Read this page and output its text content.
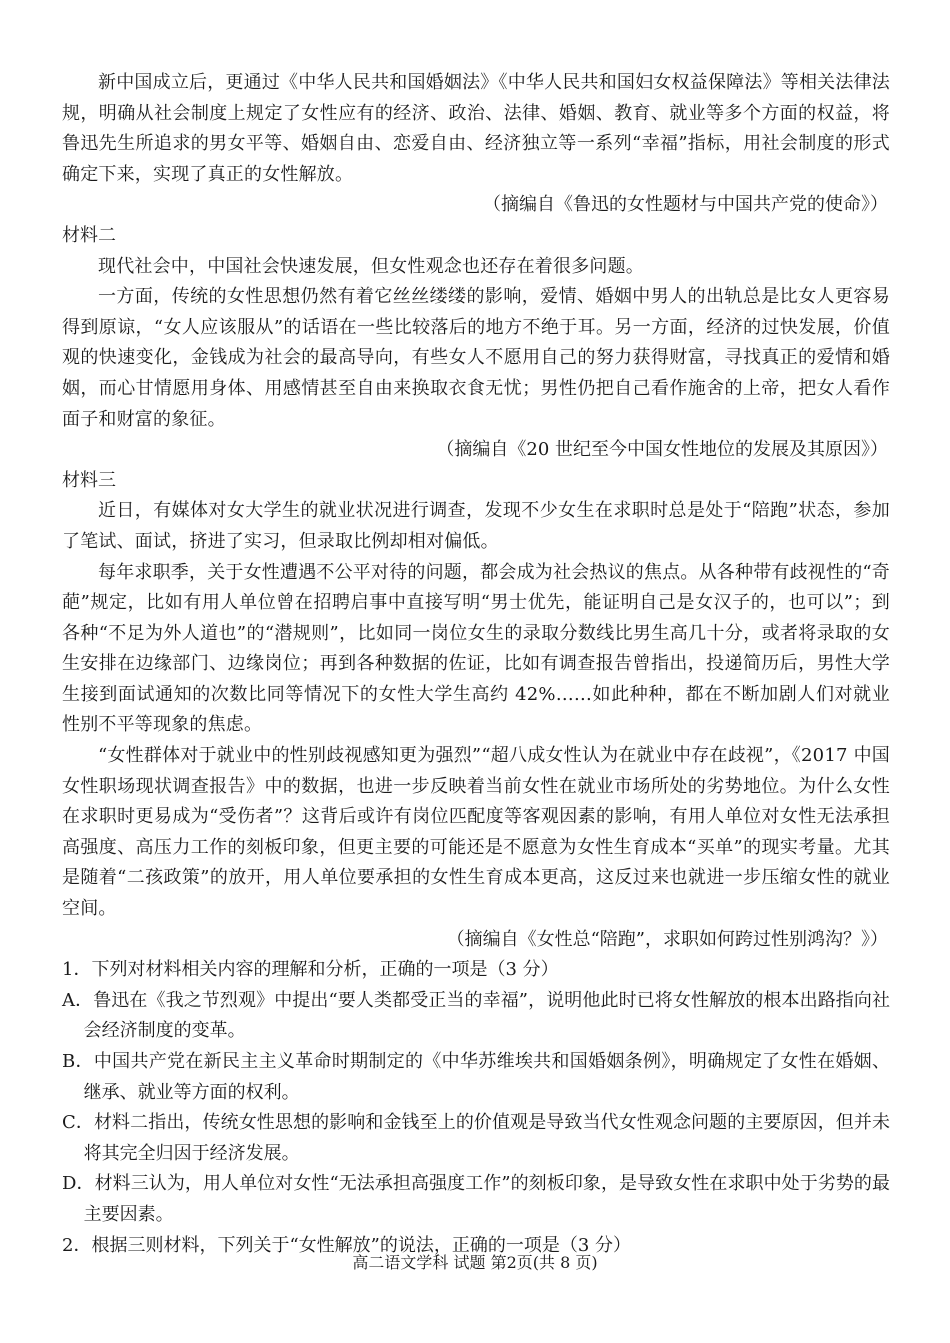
新中国成立后，更通过《中华人民共和国婚姻法》《中华人民共和国妇女权益保障法》等相关法律法规，明确从社会制度上规定了女性应有的经济、政治、法律、婚姻、教育、就业等多个方面的权益，将鲁迅先生所追求的男女平等、婚姻自由、恋爱自由、经济独立等一系列“幸福”指标，用社会制度的形式确定下来，实现了真正的女性解放。

（摘编自《鲁迅的女性题材与中国共产党的使命》）

材料二

现代社会中，中国社会快速发展，但女性观念也还存在着很多问题。

一方面，传统的女性思想仍然有着它丝丝缕缕的影响，爱情、婚姻中男人的出轨总是比女人更容易得到原谅，“女人应该服从”的话语在一些比较落后的地方不绝于耳。另一方面，经济的过快发展，价值观的快速变化，金钱成为社会的最高导向，有些女人不愿用自己的努力获得财富，寻找真正的爱情和婚姻，而心甘情愿用身体、用感情甚至自由来换取衣食无忧；男性仍把自己看作施舍的上帝，把女人看作面子和财富的象征。

（摘编自《20 世纪至今中国女性地位的发展及其原因》）

材料三

近日，有媒体对女大学生的就业状况进行调查，发现不少女生在求职时总是处于“陪跑”状态，参加了笔试、面试，挤进了实习，但录取比例却相对偏低。

每年求职季，关于女性遭遇不公平对待的问题，都会成为社会热议的焦点。从各种带有歧视性的“奇葩”规定，比如有用人单位曾在招聘启事中直接写明“男士优先，能证明自己是女汉子的，也可以”；到各种“不足为外人道也”的“潜规则”，比如同一岗位女生的录取分数线比男生高几十分，或者将录取的女生安排在边缘部门、边缘岗位；再到各种数据的佐证，比如有调查报告曾指出，投递简历后，男性大学生接到面试通知的次数比同等情况下的女性大学生高约 42%……如此种种，都在不断加剧人们对就业性别不平等现象的焦虑。

“女性群体对于就业中的性别歧视感知更为强烈”“超八成女性认为在就业中存在歧视”，《2017 中国女性职场现状调查报告》中的数据，也进一步反映着当前女性在就业市场所处的劣势地位。为什么女性在求职时更易成为“受伤者”？这背后或许有岗位匹配度等客观因素的影响，有用人单位对女性无法承担高强度、高压力工作的刻板印象，但更主要的可能还是不愿意为女性生育成本“买单”的现实考量。尤其是随着“二孩政策”的放开，用人单位要承担的女性生育成本更高，这反过来也就进一步压缩女性的就业空间。

（摘编自《女性总“陪跑”，求职如何跨过性别鸿沟？》）

1．下列对材料相关内容的理解和分析，正确的一项是（3 分）

A．鲁迅在《我之节烈观》中提出“要人类都受正当的幸福”，说明他此时已将女性解放的根本出路指向社会经济制度的变革。

B．中国共产党在新民主主义革命时期制定的《中华苏维埃共和国婚姻条例》，明确规定了女性在婚姻、继承、就业等方面的权利。

C．材料二指出，传统女性思想的影响和金钱至上的价值观是导致当代女性观念问题的主要原因，但并未将其完全归因于经济发展。

D．材料三认为，用人单位对女性“无法承担高强度工作”的刻板印象，是导致女性在求职中处于劣势的最主要因素。

2．根据三则材料，下列关于“女性解放”的说法，正确的一项是（3 分）

高二语文学科 试题 第2页(共 8 页)
